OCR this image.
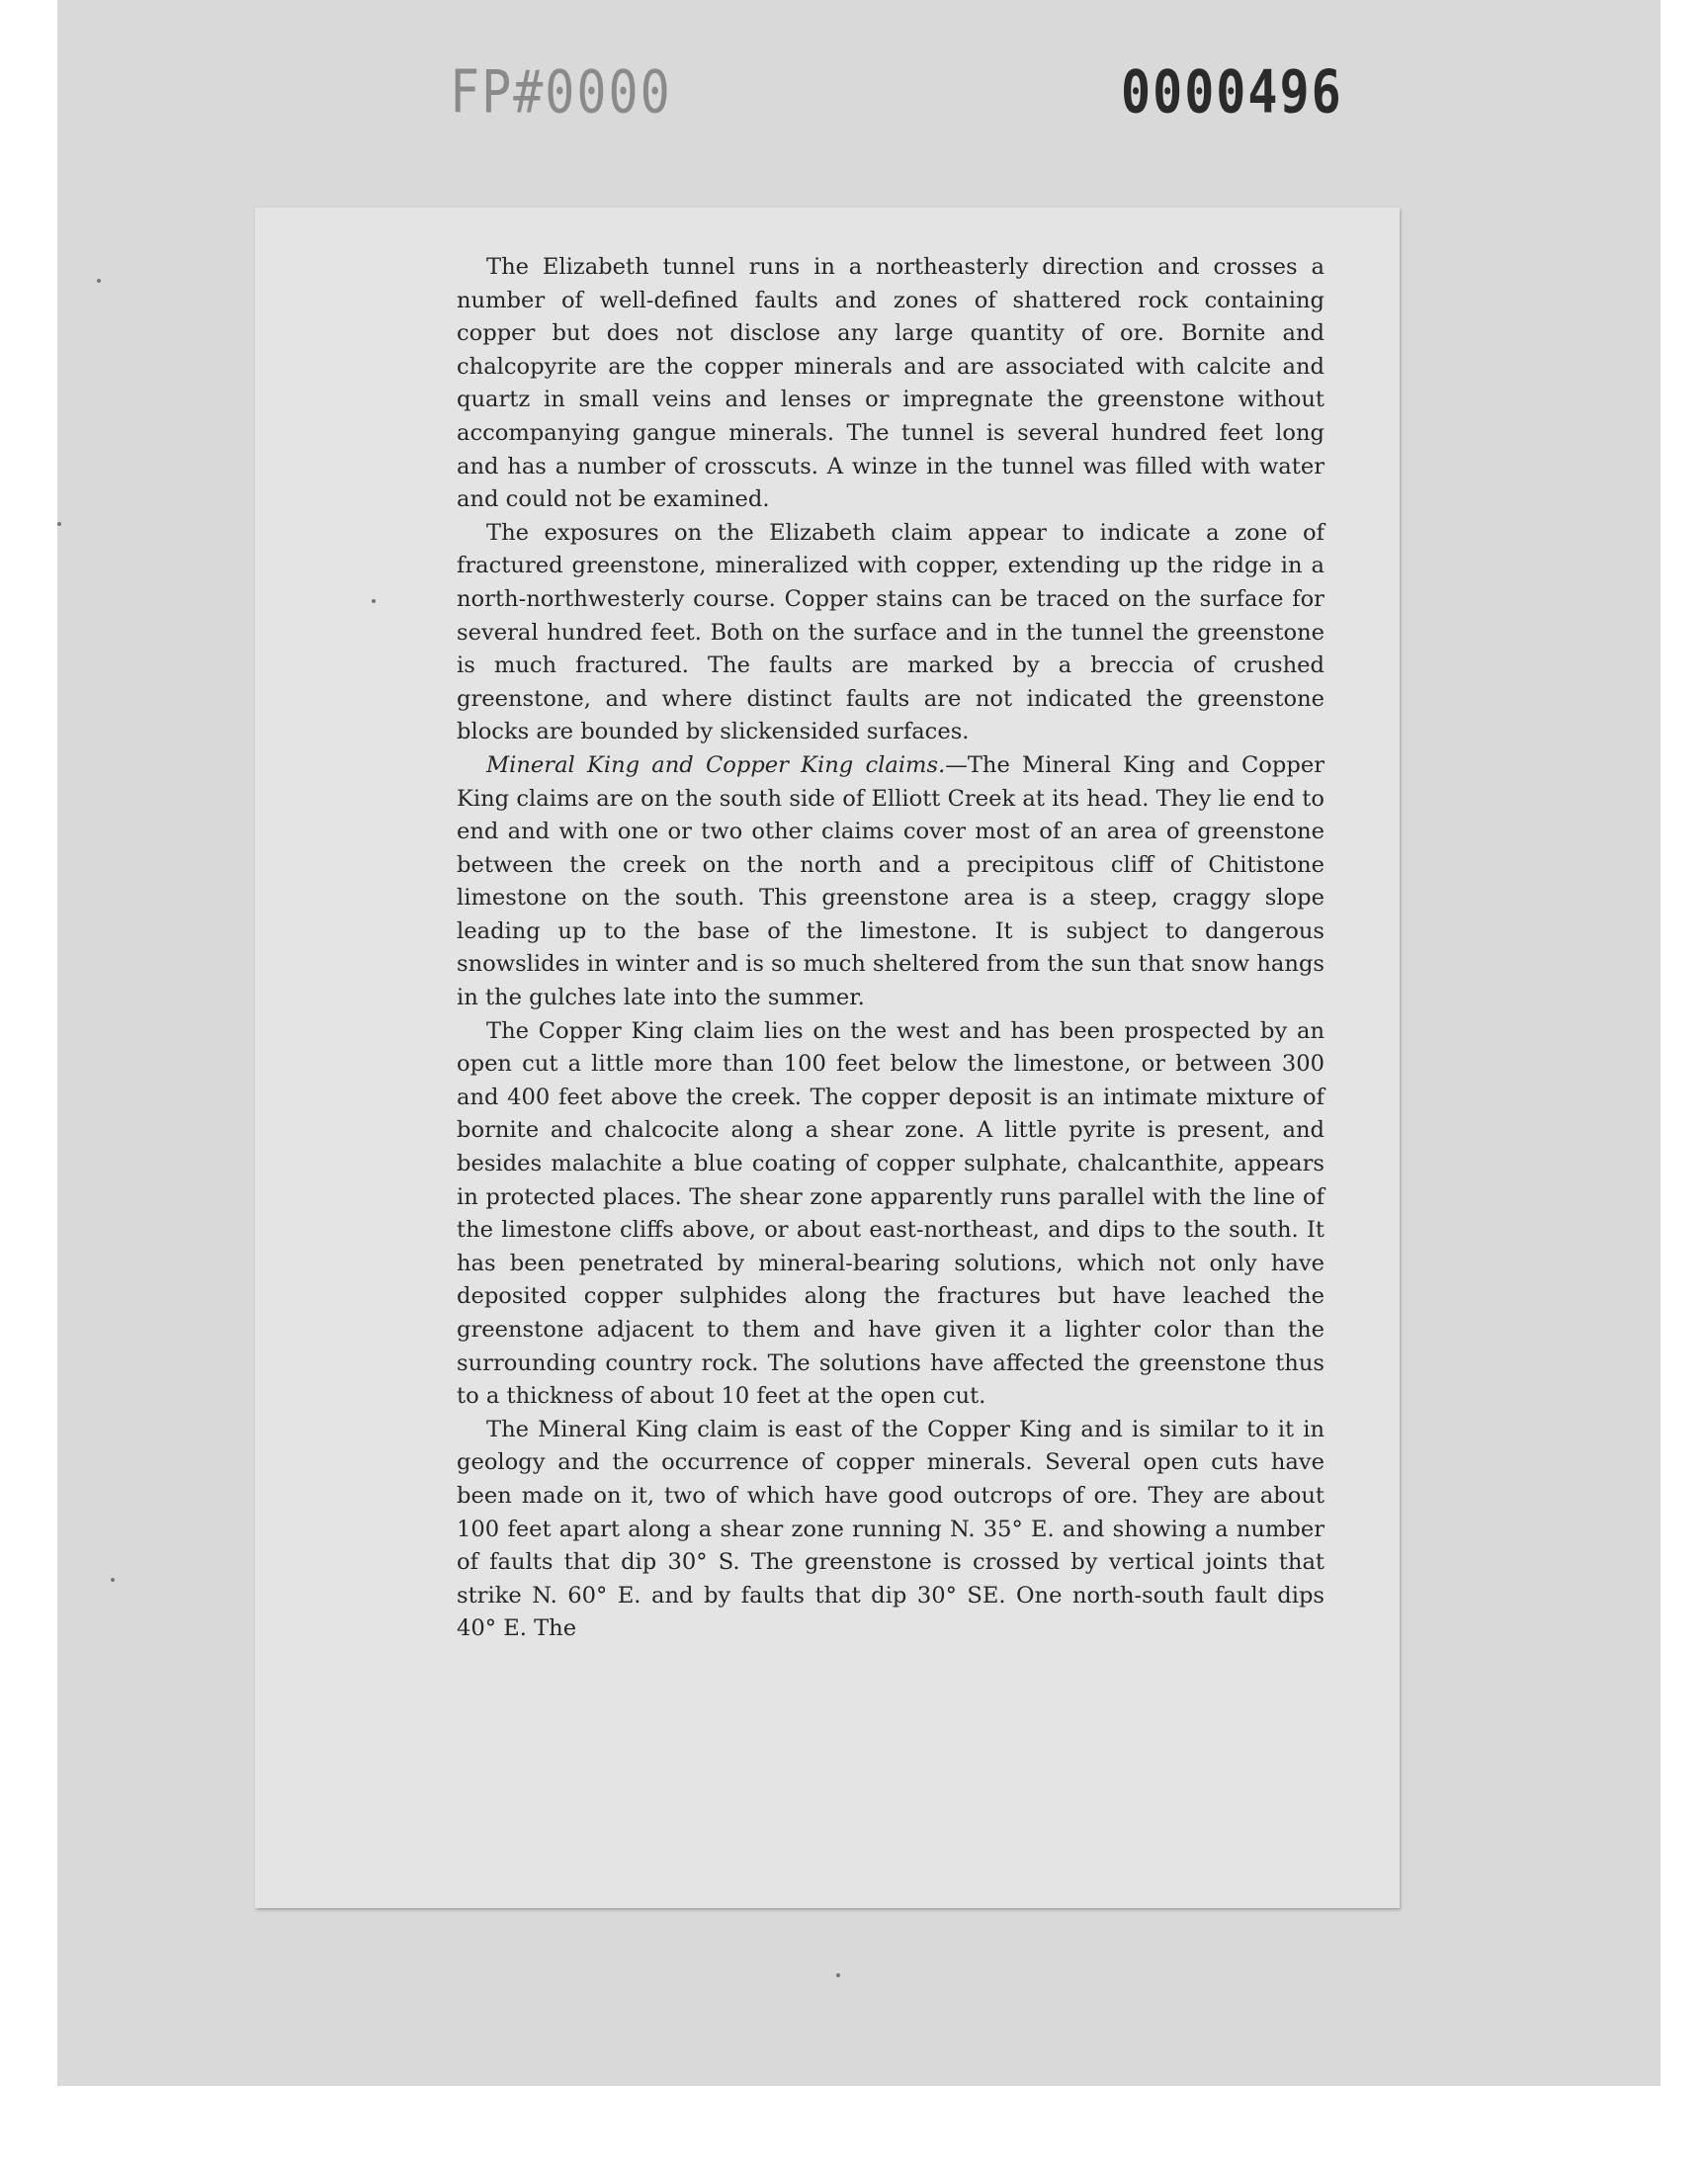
FP#0000	0000496

The Elizabeth tunnel runs in a northeasterly direction and crosses a number of well-defined faults and zones of shattered rock containing copper but does not disclose any large quantity of ore. Bornite and chalcopyrite are the copper minerals and are associated with calcite and quartz in small veins and lenses or impregnate the greenstone without accompanying gangue minerals. The tunnel is several hundred feet long and has a number of crosscuts. A winze in the tunnel was filled with water and could not be examined.

The exposures on the Elizabeth claim appear to indicate a zone of fractured greenstone, mineralized with copper, extending up the ridge in a north-northwesterly course. Copper stains can be traced on the surface for several hundred feet. Both on the surface and in the tunnel the greenstone is much fractured. The faults are marked by a breccia of crushed greenstone, and where distinct faults are not indicated the greenstone blocks are bounded by slickensided surfaces.

Mineral King and Copper King claims.—The Mineral King and Copper King claims are on the south side of Elliott Creek at its head. They lie end to end and with one or two other claims cover most of an area of greenstone between the creek on the north and a precipitous cliff of Chitistone limestone on the south. This greenstone area is a steep, craggy slope leading up to the base of the limestone. It is subject to dangerous snowslides in winter and is so much sheltered from the sun that snow hangs in the gulches late into the summer.

The Copper King claim lies on the west and has been prospected by an open cut a little more than 100 feet below the limestone, or between 300 and 400 feet above the creek. The copper deposit is an intimate mixture of bornite and chalcocite along a shear zone. A little pyrite is present, and besides malachite a blue coating of copper sulphate, chalcanthite, appears in protected places. The shear zone apparently runs parallel with the line of the limestone cliffs above, or about east-northeast, and dips to the south. It has been penetrated by mineral-bearing solutions, which not only have deposited copper sulphides along the fractures but have leached the greenstone adjacent to them and have given it a lighter color than the surrounding country rock. The solutions have affected the greenstone thus to a thickness of about 10 feet at the open cut.

The Mineral King claim is east of the Copper King and is similar to it in geology and the occurrence of copper minerals. Several open cuts have been made on it, two of which have good outcrops of ore. They are about 100 feet apart along a shear zone running N. 35° E. and showing a number of faults that dip 30° S. The greenstone is crossed by vertical joints that strike N. 60° E. and by faults that dip 30° SE. One north-south fault dips 40° E. The
